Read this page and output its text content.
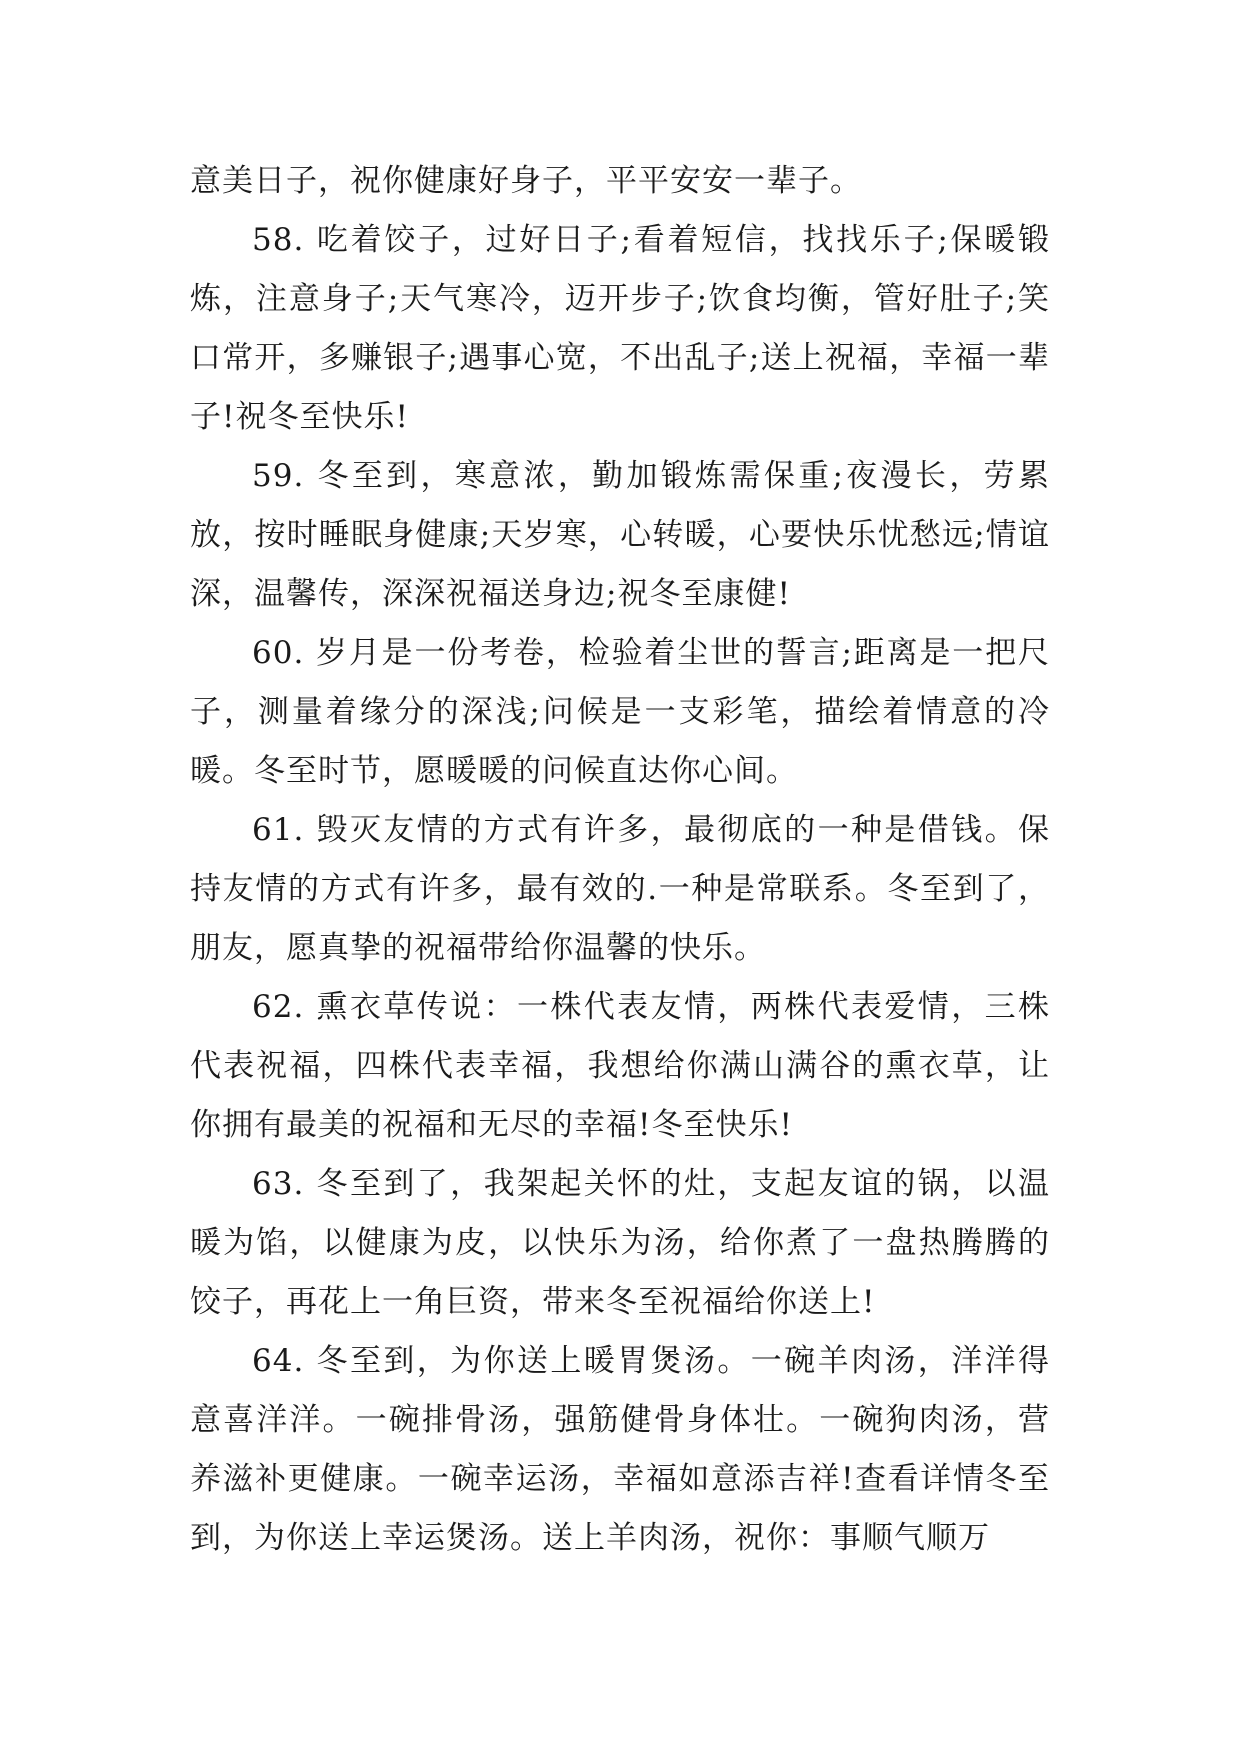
意美日子，祝你健康好身子，平平安安一辈子。

58. 吃着饺子，过好日子;看着短信，找找乐子;保暖锻炼，注意身子;天气寒冷，迈开步子;饮食均衡，管好肚子;笑口常开，多赚银子;遇事心宽，不出乱子;送上祝福，幸福一辈子!祝冬至快乐!

59. 冬至到，寒意浓，勤加锻炼需保重;夜漫长，劳累放，按时睡眠身健康;天岁寒，心转暖，心要快乐忧愁远;情谊深，温馨传，深深祝福送身边;祝冬至康健!

60. 岁月是一份考卷，检验着尘世的誓言;距离是一把尺子，测量着缘分的深浅;问候是一支彩笔，描绘着情意的冷暖。冬至时节，愿暖暖的问候直达你心间。

61. 毁灭友情的方式有许多，最彻底的一种是借钱。保持友情的方式有许多，最有效的.一种是常联系。冬至到了，朋友，愿真挚的祝福带给你温馨的快乐。

62. 熏衣草传说：一株代表友情，两株代表爱情，三株代表祝福，四株代表幸福，我想给你满山满谷的熏衣草，让你拥有最美的祝福和无尽的幸福!冬至快乐!

63. 冬至到了，我架起关怀的灶，支起友谊的锅，以温暖为馅，以健康为皮，以快乐为汤，给你煮了一盘热腾腾的饺子，再花上一角巨资，带来冬至祝福给你送上!

64. 冬至到，为你送上暖胃煲汤。一碗羊肉汤，洋洋得意喜洋洋。一碗排骨汤，强筋健骨身体壮。一碗狗肉汤，营养滋补更健康。一碗幸运汤，幸福如意添吉祥!查看详情冬至到，为你送上幸运煲汤。送上羊肉汤，祝你：事顺气顺万
